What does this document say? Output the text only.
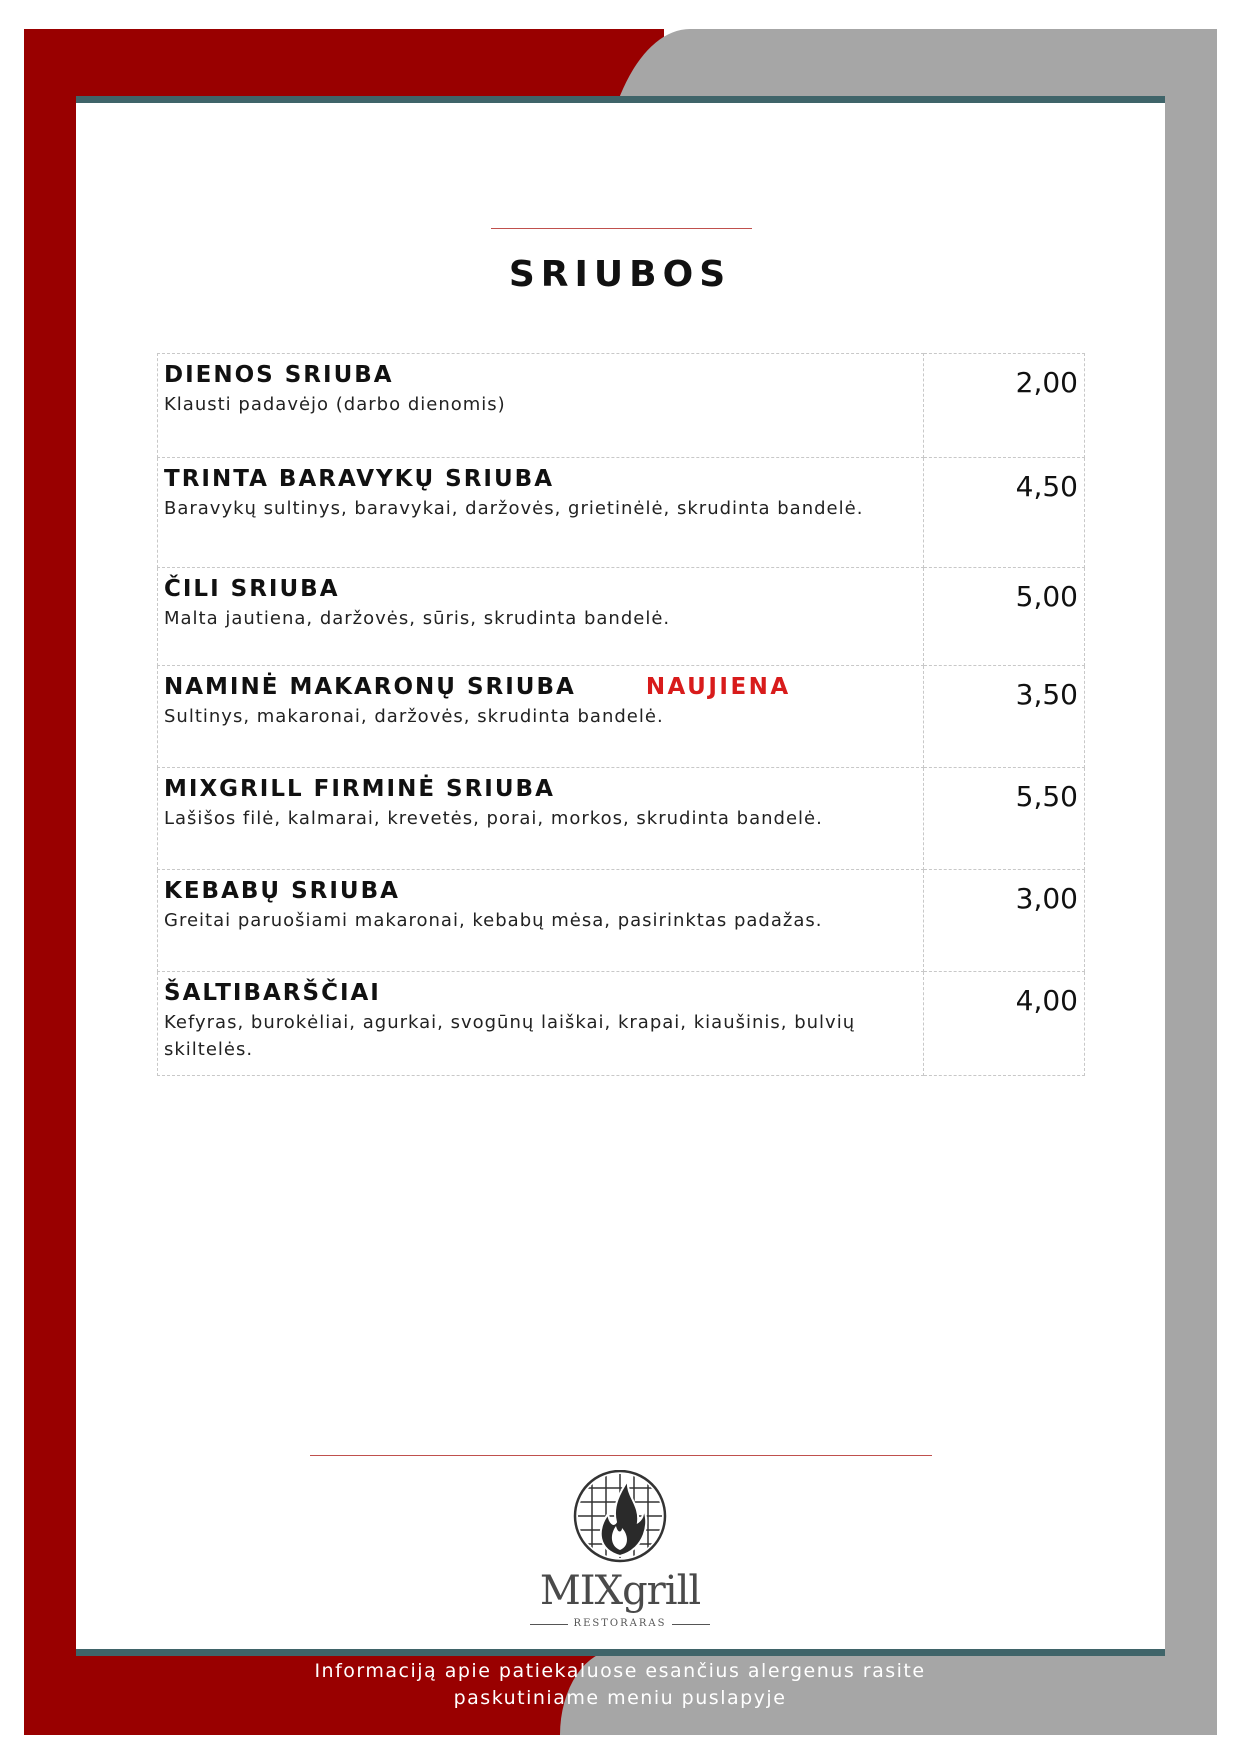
SRIUBOS
DIENOS SRIUBA
Klausti padavėjo (darbo dienomis)	2,00

TRINTA BARAVYKŲ SRIUBA
Baravykų sultinys, baravykai, daržovės, grietinėlė, skrudinta bandelė.	4,50

ČILI SRIUBA
Malta jautiena, daržovės, sūris, skrudinta bandelė.	5,00

NAMINĖ MAKARONŲ SRIUBA NAUJIENA
Sultinys, makaronai, daržovės, skrudinta bandelė.	3,50

MIXGRILL FIRMINĖ SRIUBA
Lašišos filė, kalmarai, krevetės, porai, morkos, skrudinta bandelė.	5,50

KEBABŲ SRIUBA
Greitai paruošiami makaronai, kebabų mėsa, pasirinktas padažas.	3,00

ŠALTIBARŠČIAI
Kefyras, burokėliai, agurkai, svogūnų laiškai, krapai, kiaušinis, bulvių skiltelės.	4,00
MIXgrill
RESTORARAS
Informaciją apie patiekaluose esančius alergenus rasite
paskutiniame meniu puslapyje
